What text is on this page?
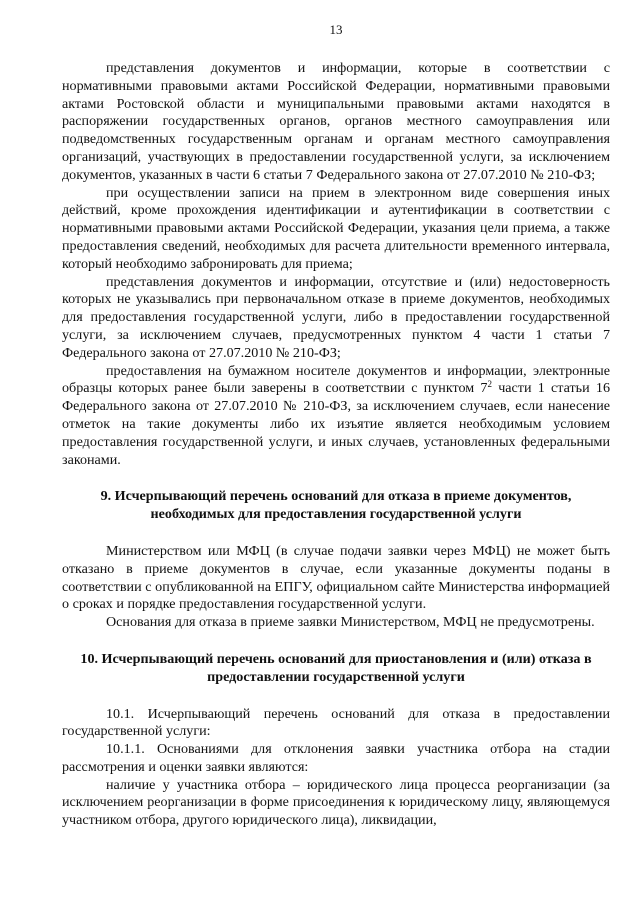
13

представления документов и информации, которые в соответствии с нормативными правовыми актами Российской Федерации, нормативными правовыми актами Ростовской области и муниципальными правовыми актами находятся в распоряжении государственных органов, органов местного самоуправления или подведомственных государственным органам и органам местного самоуправления организаций, участвующих в предоставлении государственной услуги, за исключением документов, указанных в части 6 статьи 7 Федерального закона от 27.07.2010 № 210-ФЗ;

при осуществлении записи на прием в электронном виде совершения иных действий, кроме прохождения идентификации и аутентификации в соответствии с нормативными правовыми актами Российской Федерации, указания цели приема, а также предоставления сведений, необходимых для расчета длительности временного интервала, который необходимо забронировать для приема;

представления документов и информации, отсутствие и (или) недостоверность которых не указывались при первоначальном отказе в приеме документов, необходимых для предоставления государственной услуги, либо в предоставлении государственной услуги, за исключением случаев, предусмотренных пунктом 4 части 1 статьи 7 Федерального закона от 27.07.2010 № 210-ФЗ;

предоставления на бумажном носителе документов и информации, электронные образцы которых ранее были заверены в соответствии с пунктом $7^2$ части 1 статьи 16 Федерального закона от 27.07.2010 № 210-ФЗ, за исключением случаев, если нанесение отметок на такие документы либо их изъятие является необходимым условием предоставления государственной услуги, и иных случаев, установленных федеральными законами.

9. Исчерпывающий перечень оснований для отказа в приеме документов, необходимых для предоставления государственной услуги

Министерством или МФЦ (в случае подачи заявки через МФЦ) не может быть отказано в приеме документов в случае, если указанные документы поданы в соответствии с опубликованной на ЕПГУ, официальном сайте Министерства информацией о сроках и порядке предоставления государственной услуги.

Основания для отказа в приеме заявки Министерством, МФЦ не предусмотрены.

10. Исчерпывающий перечень оснований для приостановления и (или) отказа в предоставлении государственной услуги

10.1. Исчерпывающий перечень оснований для отказа в предоставлении государственной услуги:

10.1.1. Основаниями для отклонения заявки участника отбора на стадии рассмотрения и оценки заявки являются:

наличие у участника отбора – юридического лица процесса реорганизации (за исключением реорганизации в форме присоединения к юридическому лицу, являющемуся участником отбора, другого юридического лица), ликвидации,
